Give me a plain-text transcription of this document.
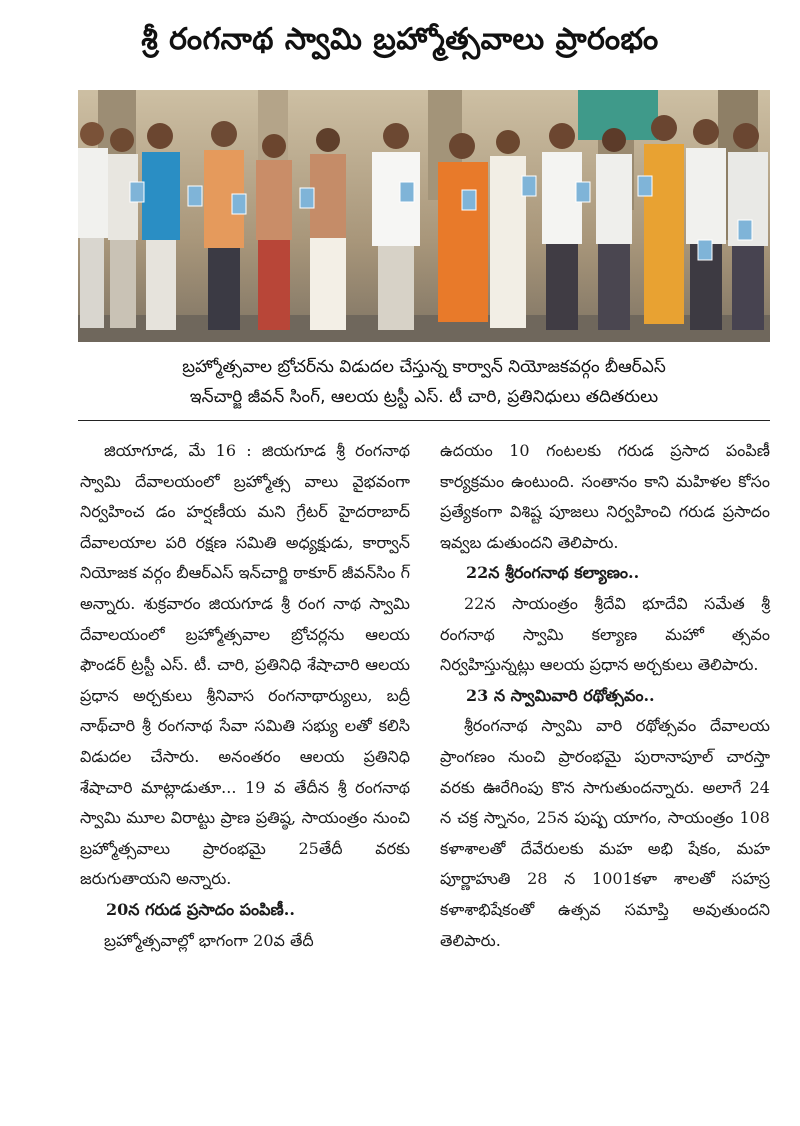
శ్రీ రంగనాథ స్వామి బ్రహ్మోత్సవాలు ప్రారంభం
బ్రహ్మోత్సవాల బ్రోచర్‌ను విడుదల చేస్తున్న కార్వాన్ నియోజకవర్గం బీఆర్ఎస్
ఇన్‌చార్జి జీవన్ సింగ్, ఆలయ ట్రస్టీ ఎస్. టీ చారి, ప్రతినిధులు తదితరులు

జియాగూడ, మే 16 : జియగూడ శ్రీ రంగనాథ స్వామి దేవాలయంలో బ్రహ్మోత్స వాలు వైభవంగా నిర్వహించ డం హర్షణీయ మని గ్రేటర్ హైదరాబాద్ దేవాలయాల పరి రక్షణ సమితి అధ్యక్షుడు, కార్వాన్ నియోజక వర్గం బీఆర్ఎస్ ఇన్‌చార్జి ఠాకూర్ జీవన్‌సిం గ్ అన్నారు. శుక్రవారం జియగూడ శ్రీ రంగ నాథ స్వామి దేవాలయంలో బ్రహ్మోత్సవాల బ్రోచర్లను ఆలయ ఫౌండర్ ట్రస్టీ ఎస్. టీ. చారి, ప్రతినిధి శేషాచారి ఆలయ ప్రధాన అర్చకులు శ్రీనివాస రంగనాథార్యులు, బద్రీ నాథ్‌చారి శ్రీ రంగనాథ సేవా సమితి సభ్యు లతో కలిసి విడుదల చేసారు. అనంతరం ఆలయ ప్రతినిధి శేషాచారి మాట్లాడుతూ... 19 వ తేదీన శ్రీ రంగనాథ స్వామి మూల విరాట్టు ప్రాణ ప్రతిష్ఠ, సాయంత్రం నుంచి బ్రహ్మోత్సవాలు ప్రారంభమై 25తేదీ వరకు జరుగుతాయని అన్నారు.

20న గరుడ ప్రసాదం పంపిణీ..

బ్రహ్మోత్సవాల్లో భాగంగా 20వ తేదీ

ఉదయం 10 గంటలకు గరుడ ప్రసాద పంపిణీ కార్యక్రమం ఉంటుంది. సంతానం కాని మహిళల కోసం ప్రత్యేకంగా విశిష్ట పూజలు నిర్వహించి గరుడ ప్రసాదం ఇవ్వబ డుతుందని తెలిపారు.

22న శ్రీరంగనాథ కల్యాణం..

22న సాయంత్రం శ్రీదేవి భూదేవి సమేత శ్రీ రంగనాథ స్వామి కల్యాణ మహో త్సవం నిర్వహిస్తున్నట్లు ఆలయ ప్రధాన అర్చకులు తెలిపారు.

23 న స్వామివారి రథోత్సవం..

శ్రీరంగనాథ స్వామి వారి రథోత్సవం దేవాలయ ప్రాంగణం నుంచి ప్రారంభమై పురానాపూల్ చారస్తా వరకు ఊరేగింపు కొన సాగుతుందన్నారు. అలాగే 24 న చక్ర స్నానం, 25న పుష్ప యాగం, సాయంత్రం 108 కళాశాలతో దేవేరులకు మహ అభి షేకం, మహ పూర్ణాహుతి 28 న 1001కళా శాలతో సహస్ర కళాశాభిషేకంతో ఉత్సవ సమాప్తి అవుతుందని తెలిపారు.
